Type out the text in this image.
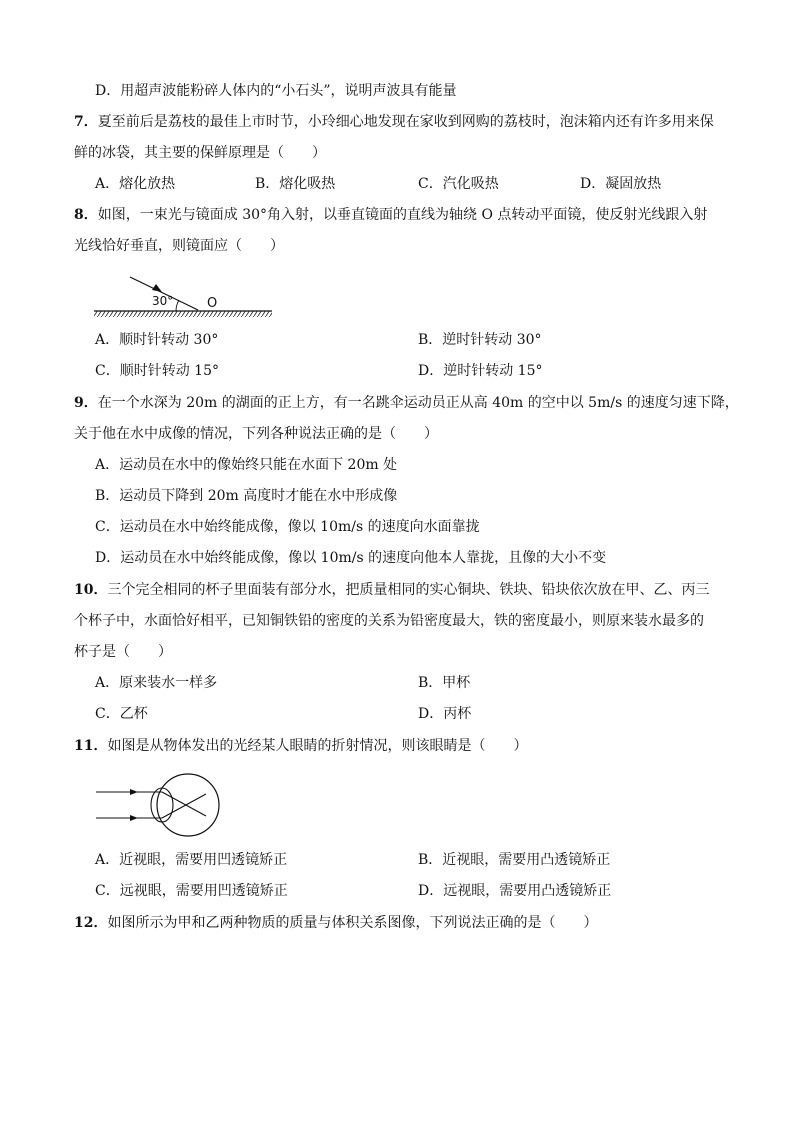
D．用超声波能粉碎人体内的“小石头”，说明声波具有能量
7．夏至前后是荔枝的最佳上市时节，小玲细心地发现在家收到网购的荔枝时，泡沫箱内还有许多用来保
鲜的冰袋，其主要的保鲜原理是（　　）
A．熔化放热	B．熔化吸热	C．汽化吸热	D．凝固放热
8．如图，一束光与镜面成 30°角入射，以垂直镜面的直线为轴绕 O 点转动平面镜，使反射光线跟入射
光线恰好垂直，则镜面应（　　）
30°	O
A．顺时针转动 30°	B．逆时针转动 30°
C．顺时针转动 15°	D．逆时针转动 15°
9．在一个水深为 20m 的湖面的正上方，有一名跳伞运动员正从高 40m 的空中以 5m/s 的速度匀速下降，
关于他在水中成像的情况，下列各种说法正确的是（　　）
A．运动员在水中的像始终只能在水面下 20m 处
B．运动员下降到 20m 高度时才能在水中形成像
C．运动员在水中始终能成像，像以 10m/s 的速度向水面靠拢
D．运动员在水中始终能成像，像以 10m/s 的速度向他本人靠拢，且像的大小不变
10．三个完全相同的杯子里面装有部分水，把质量相同的实心铜块、铁块、铅块依次放在甲、乙、丙三
个杯子中，水面恰好相平，已知铜铁铅的密度的关系为铅密度最大，铁的密度最小，则原来装水最多的
杯子是（　　）
A．原来装水一样多	B．甲杯
C．乙杯	D．丙杯
11．如图是从物体发出的光经某人眼睛的折射情况，则该眼睛是（　　）
A．近视眼，需要用凹透镜矫正	B．近视眼，需要用凸透镜矫正
C．远视眼，需要用凹透镜矫正	D．远视眼，需要用凸透镜矫正
12．如图所示为甲和乙两种物质的质量与体积关系图像，下列说法正确的是（　　）
